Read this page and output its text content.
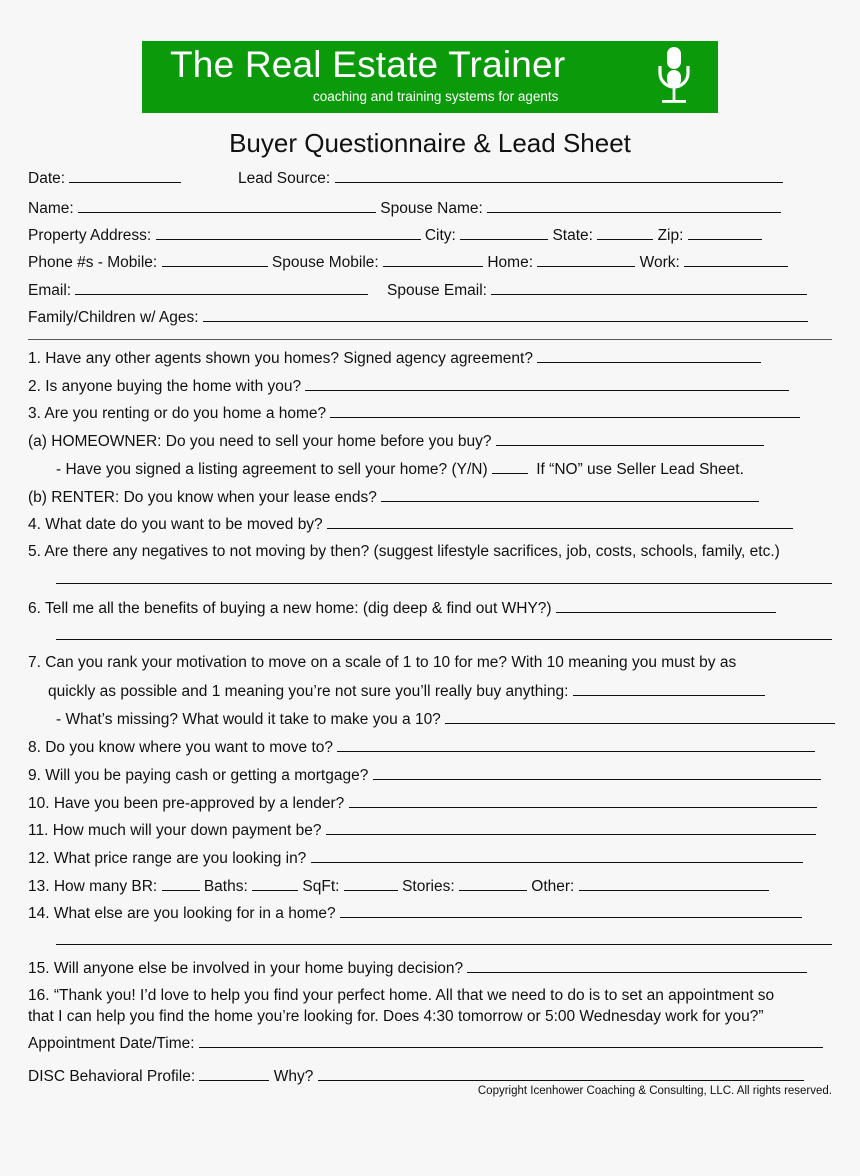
The Real Estate Trainer
coaching and training systems for agents
Buyer Questionnaire & Lead Sheet
Date:	Lead Source:
Name:	Spouse Name:
Property Address:	City:	State:	Zip:
Phone #s - Mobile:	Spouse Mobile:	Home:	Work:
Email:	Spouse Email:
Family/Children w/ Ages:
1. Have any other agents shown you homes? Signed agency agreement?
2. Is anyone buying the home with you?
3. Are you renting or do you home a home?
(a) HOMEOWNER: Do you need to sell your home before you buy?
- Have you signed a listing agreement to sell your home? (Y/N)	If “NO” use Seller Lead Sheet.
(b) RENTER: Do you know when your lease ends?
4. What date do you want to be moved by?
5. Are there any negatives to not moving by then? (suggest lifestyle sacrifices, job, costs, schools, family, etc.)
6. Tell me all the benefits of buying a new home: (dig deep & find out WHY?)
7. Can you rank your motivation to move on a scale of 1 to 10 for me? With 10 meaning you must by as
quickly as possible and 1 meaning you’re not sure you’ll really buy anything:
- What’s missing? What would it take to make you a 10?
8. Do you know where you want to move to?
9. Will you be paying cash or getting a mortgage?
10. Have you been pre-approved by a lender?
11. How much will your down payment be?
12. What price range are you looking in?
13. How many BR:	Baths:	SqFt:	Stories:	Other:
14. What else are you looking for in a home?
15. Will anyone else be involved in your home buying decision?
16. “Thank you! I’d love to help you find your perfect home. All that we need to do is to set an appointment so
that I can help you find the home you’re looking for. Does 4:30 tomorrow or 5:00 Wednesday work for you?”
Appointment Date/Time:
DISC Behavioral Profile:	Why?
Copyright Icenhower Coaching & Consulting, LLC. All rights reserved.
